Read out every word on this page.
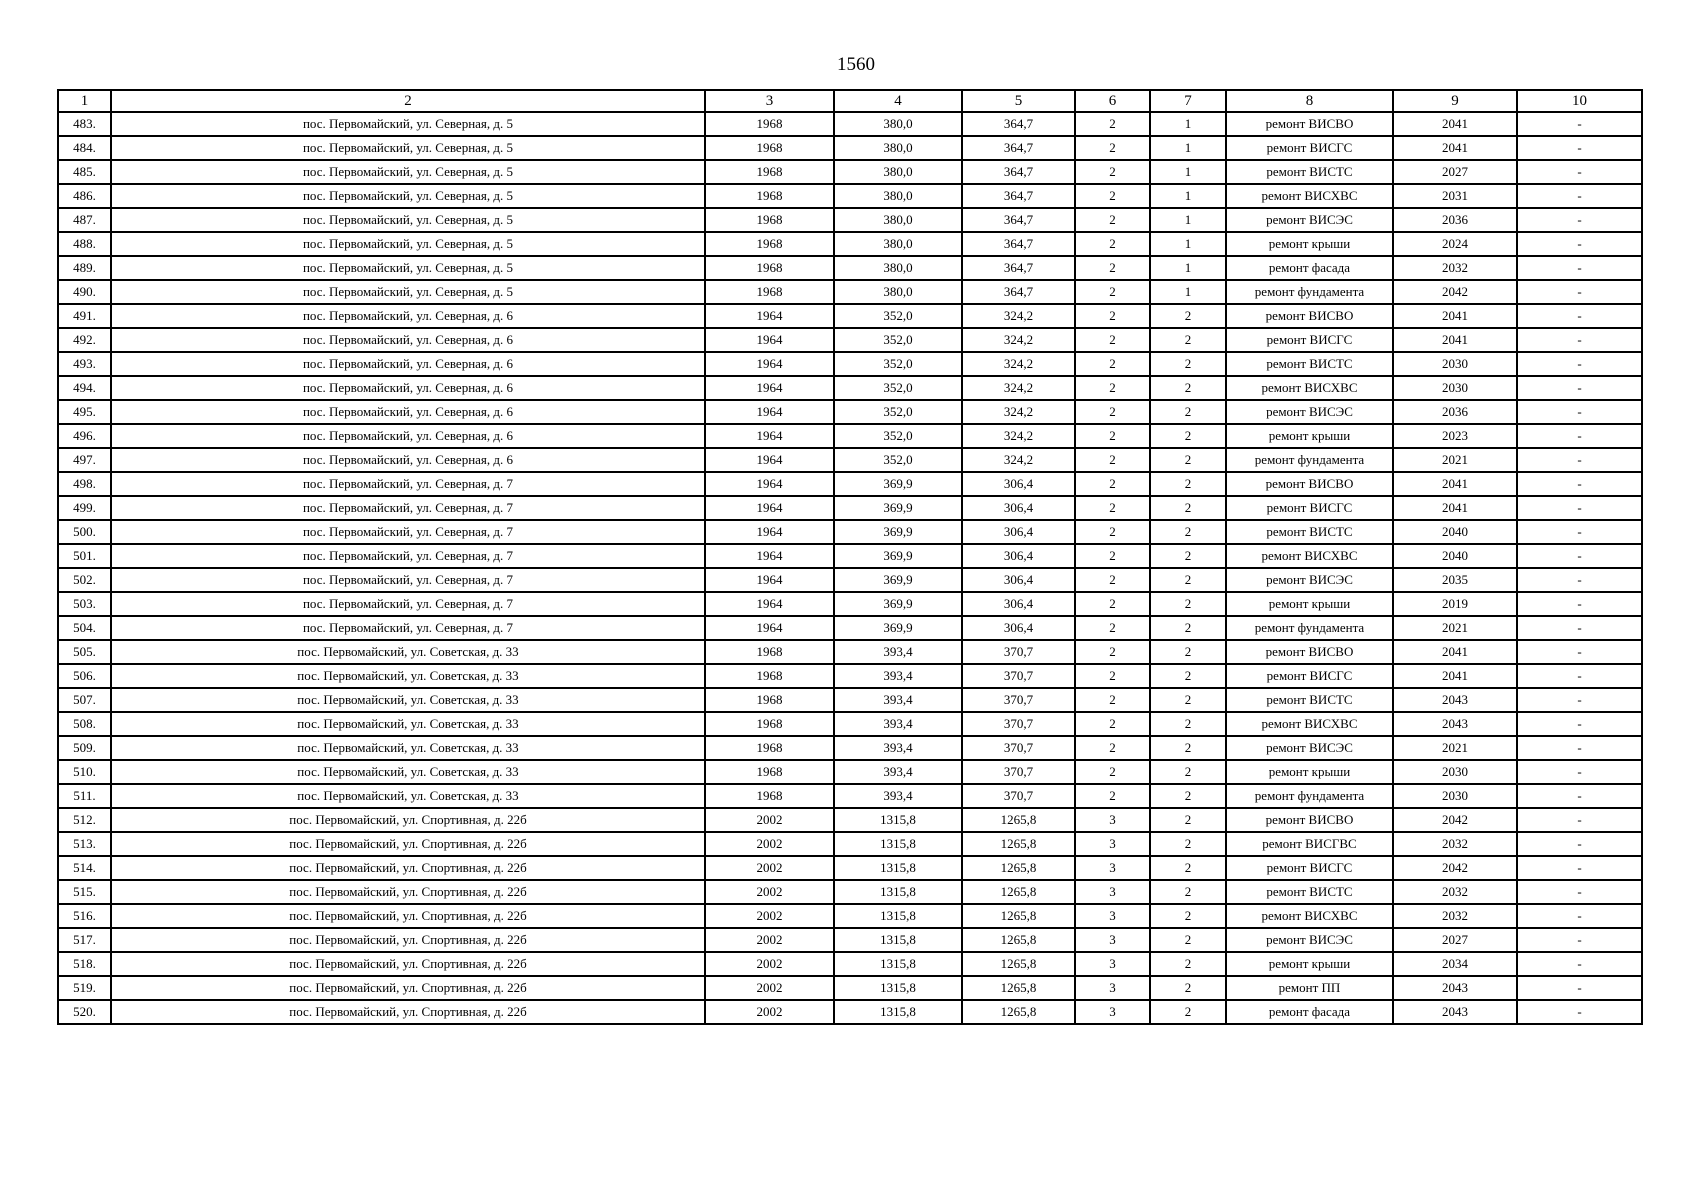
1560
1	2	3	4	5	6	7	8	9	10
483.	пос. Первомайский, ул. Северная, д. 5	1968	380,0	364,7	2	1	ремонт ВИСВО	2041	-
484.	пос. Первомайский, ул. Северная, д. 5	1968	380,0	364,7	2	1	ремонт ВИСГС	2041	-
485.	пос. Первомайский, ул. Северная, д. 5	1968	380,0	364,7	2	1	ремонт ВИСТС	2027	-
486.	пос. Первомайский, ул. Северная, д. 5	1968	380,0	364,7	2	1	ремонт ВИСХВС	2031	-
487.	пос. Первомайский, ул. Северная, д. 5	1968	380,0	364,7	2	1	ремонт ВИСЭС	2036	-
488.	пос. Первомайский, ул. Северная, д. 5	1968	380,0	364,7	2	1	ремонт крыши	2024	-
489.	пос. Первомайский, ул. Северная, д. 5	1968	380,0	364,7	2	1	ремонт фасада	2032	-
490.	пос. Первомайский, ул. Северная, д. 5	1968	380,0	364,7	2	1	ремонт фундамента	2042	-
491.	пос. Первомайский, ул. Северная, д. 6	1964	352,0	324,2	2	2	ремонт ВИСВО	2041	-
492.	пос. Первомайский, ул. Северная, д. 6	1964	352,0	324,2	2	2	ремонт ВИСГС	2041	-
493.	пос. Первомайский, ул. Северная, д. 6	1964	352,0	324,2	2	2	ремонт ВИСТС	2030	-
494.	пос. Первомайский, ул. Северная, д. 6	1964	352,0	324,2	2	2	ремонт ВИСХВС	2030	-
495.	пос. Первомайский, ул. Северная, д. 6	1964	352,0	324,2	2	2	ремонт ВИСЭС	2036	-
496.	пос. Первомайский, ул. Северная, д. 6	1964	352,0	324,2	2	2	ремонт крыши	2023	-
497.	пос. Первомайский, ул. Северная, д. 6	1964	352,0	324,2	2	2	ремонт фундамента	2021	-
498.	пос. Первомайский, ул. Северная, д. 7	1964	369,9	306,4	2	2	ремонт ВИСВО	2041	-
499.	пос. Первомайский, ул. Северная, д. 7	1964	369,9	306,4	2	2	ремонт ВИСГС	2041	-
500.	пос. Первомайский, ул. Северная, д. 7	1964	369,9	306,4	2	2	ремонт ВИСТС	2040	-
501.	пос. Первомайский, ул. Северная, д. 7	1964	369,9	306,4	2	2	ремонт ВИСХВС	2040	-
502.	пос. Первомайский, ул. Северная, д. 7	1964	369,9	306,4	2	2	ремонт ВИСЭС	2035	-
503.	пос. Первомайский, ул. Северная, д. 7	1964	369,9	306,4	2	2	ремонт крыши	2019	-
504.	пос. Первомайский, ул. Северная, д. 7	1964	369,9	306,4	2	2	ремонт фундамента	2021	-
505.	пос. Первомайский, ул. Советская, д. 33	1968	393,4	370,7	2	2	ремонт ВИСВО	2041	-
506.	пос. Первомайский, ул. Советская, д. 33	1968	393,4	370,7	2	2	ремонт ВИСГС	2041	-
507.	пос. Первомайский, ул. Советская, д. 33	1968	393,4	370,7	2	2	ремонт ВИСТС	2043	-
508.	пос. Первомайский, ул. Советская, д. 33	1968	393,4	370,7	2	2	ремонт ВИСХВС	2043	-
509.	пос. Первомайский, ул. Советская, д. 33	1968	393,4	370,7	2	2	ремонт ВИСЭС	2021	-
510.	пос. Первомайский, ул. Советская, д. 33	1968	393,4	370,7	2	2	ремонт крыши	2030	-
511.	пос. Первомайский, ул. Советская, д. 33	1968	393,4	370,7	2	2	ремонт фундамента	2030	-
512.	пос. Первомайский, ул. Спортивная, д. 22б	2002	1315,8	1265,8	3	2	ремонт ВИСВО	2042	-
513.	пос. Первомайский, ул. Спортивная, д. 22б	2002	1315,8	1265,8	3	2	ремонт ВИСГВС	2032	-
514.	пос. Первомайский, ул. Спортивная, д. 22б	2002	1315,8	1265,8	3	2	ремонт ВИСГС	2042	-
515.	пос. Первомайский, ул. Спортивная, д. 22б	2002	1315,8	1265,8	3	2	ремонт ВИСТС	2032	-
516.	пос. Первомайский, ул. Спортивная, д. 22б	2002	1315,8	1265,8	3	2	ремонт ВИСХВС	2032	-
517.	пос. Первомайский, ул. Спортивная, д. 22б	2002	1315,8	1265,8	3	2	ремонт ВИСЭС	2027	-
518.	пос. Первомайский, ул. Спортивная, д. 22б	2002	1315,8	1265,8	3	2	ремонт крыши	2034	-
519.	пос. Первомайский, ул. Спортивная, д. 22б	2002	1315,8	1265,8	3	2	ремонт ПП	2043	-
520.	пос. Первомайский, ул. Спортивная, д. 22б	2002	1315,8	1265,8	3	2	ремонт фасада	2043	-
